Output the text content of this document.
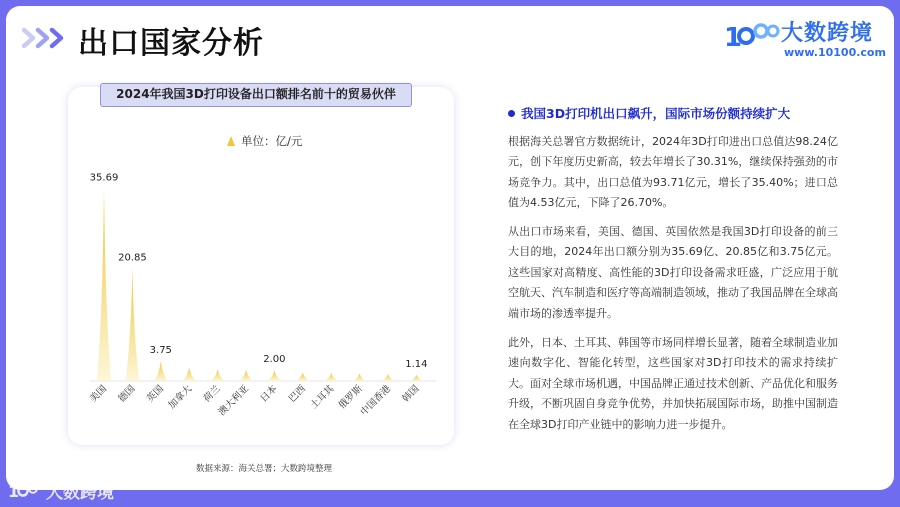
出口国家分析	1 大数跨境
www.10100.com
35.69
美国
20.85
德国
3.75
英国 加拿大 荷兰
澳大利亚
2.00
日本 巴西 土耳其 俄罗斯
中国香港
1.14
韩国
2024年我国3D打印设备出口额排名前十的贸易伙伴
单位：亿/元
数据来源：海关总署；大数跨境整理
我国3D打印机出口飙升，国际市场份额持续扩大
根据海关总署官方数据统计，2024年3D打印进出口总值达98.24亿元，创下年度历史新高，较去年增长了30.31%，继续保持强劲的市场竞争力。其中，出口总值为93.71亿元，增长了35.40%；进口总值为4.53亿元，下降了26.70%。
从出口市场来看，美国、德国、英国依然是我国3D打印设备的前三大目的地，2024年出口额分别为35.69亿、20.85亿和3.75亿元。这些国家对高精度、高性能的3D打印设备需求旺盛，广泛应用于航空航天、汽车制造和医疗等高端制造领域，推动了我国品牌在全球高端市场的渗透率提升。
此外，日本、土耳其、韩国等市场同样增长显著，随着全球制造业加速向数字化、智能化转型，这些国家对3D打印技术的需求持续扩大。面对全球市场机遇，中国品牌正通过技术创新、产品优化和服务升级，不断巩固自身竞争优势，并加快拓展国际市场，助推中国制造在全球3D打印产业链中的影响力进一步提升。
1 大数跨境
